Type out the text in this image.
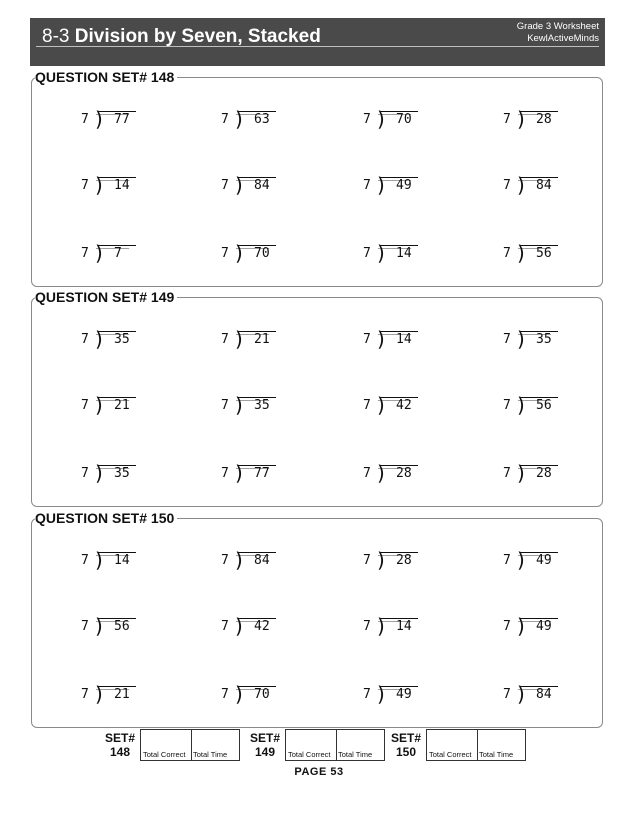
8-3 Division by Seven, Stacked	Grade 3 Worksheet
KewlActiveMinds
QUESTION SET# 148
_____
7 ) 77
_____
7 ) 63
_____
7 ) 70
_____
7 ) 28
_____
7 ) 14
_____
7 ) 84
_____
7 ) 49
_____
7 ) 84
_____
7 ) 7
_____
7 ) 70
_____
7 ) 14
_____
7 ) 56
QUESTION SET# 149
_____
7 ) 35
_____
7 ) 21
_____
7 ) 14
_____
7 ) 35
_____
7 ) 21
_____
7 ) 35
_____
7 ) 42
_____
7 ) 56
_____
7 ) 35
_____
7 ) 77
_____
7 ) 28
_____
7 ) 28
QUESTION SET# 150
_____
7 ) 14
_____
7 ) 84
_____
7 ) 28
_____
7 ) 49
_____
7 ) 56
_____
7 ) 42
_____
7 ) 14
_____
7 ) 49
_____
7 ) 21
_____
7 ) 70
_____
7 ) 49
_____
7 ) 84
SET#
148	Total Correct Total Time
SET#
149	Total Correct Total Time
SET#
150	Total Correct Total Time
PAGE 53
